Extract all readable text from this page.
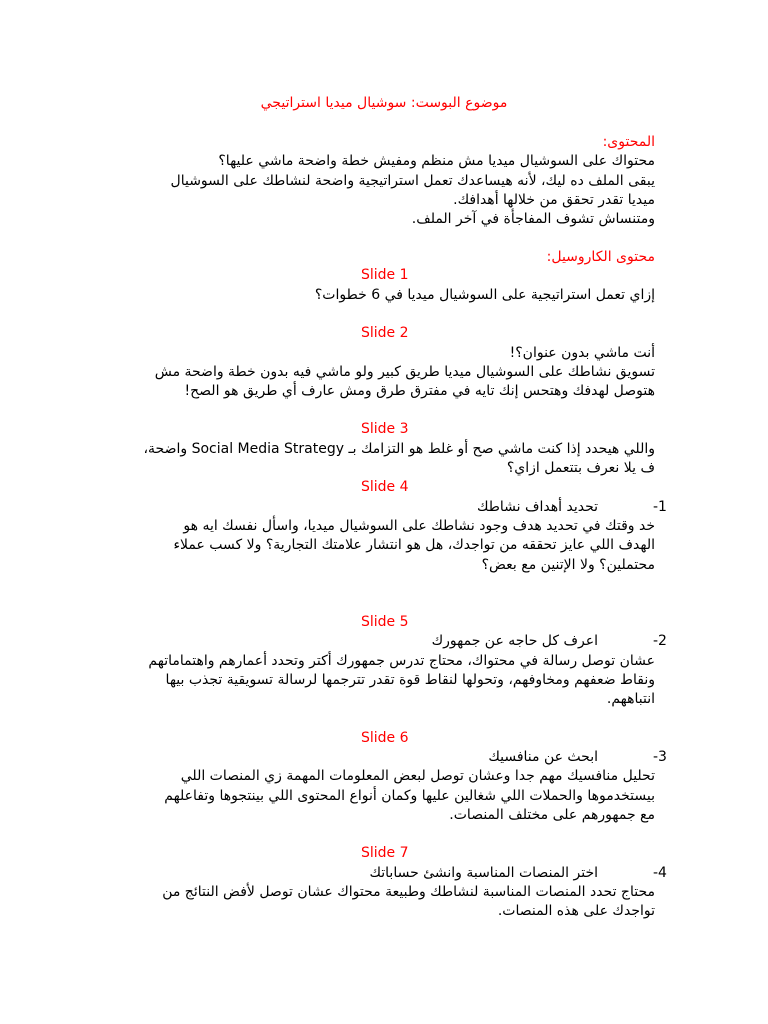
موضوع البوست: سوشيال ميديا استراتيجي
المحتوى:
محتواك على السوشيال ميديا مش منظم ومفيش خطة واضحة ماشي عليها؟
يبقى الملف ده ليك، لأنه هيساعدك تعمل استراتيجية واضحة لنشاطك على السوشيال
ميديا تقدر تحقق من خلالها أهدافك.
ومتنساش تشوف المفاجأة في آخر الملف.
محتوى الكاروسيل:
Slide 1
إزاي تعمل استراتيجية على السوشيال ميديا في 6 خطوات؟
Slide 2
أنت ماشي بدون عنوان؟!
تسويق نشاطك على السوشيال ميديا طريق كبير ولو ماشي فيه بدون خطة واضحة مش
هتوصل لهدفك وهتحس إنك تايه في مفترق طرق ومش عارف أي طريق هو الصح!
Slide 3
واللي هيحدد إذا كنت ماشي صح أو غلط هو التزامك بـ Social Media Strategy واضحة،
ف يلا نعرف بتتعمل ازاي؟
Slide 4
-1
تحديد أهداف نشاطك
خد وقتك في تحديد هدف وجود نشاطك على السوشيال ميديا، واسأل نفسك ايه هو
الهدف اللي عايز تحققه من تواجدك، هل هو انتشار علامتك التجارية؟ ولا كسب عملاء
محتملين؟ ولا الإتنين مع بعض؟
Slide 5
-2
اعرف كل حاجه عن جمهورك
عشان توصل رسالة في محتواك، محتاج تدرس جمهورك أكتر وتحدد أعمارهم واهتماماتهم
ونقاط ضعفهم ومخاوفهم، وتحولها لنقاط قوة تقدر تترجمها لرسالة تسويقية تجذب بيها
انتباههم.
Slide 6
-3
ابحث عن منافسيك
تحليل منافسيك مهم جدا وعشان توصل لبعض المعلومات المهمة زي المنصات اللي
بيستخدموها والحملات اللي شغالين عليها وكمان أنواع المحتوى اللي بينتجوها وتفاعلهم
مع جمهورهم على مختلف المنصات.
Slide 7
-4
اختر المنصات المناسبة وانشئ حساباتك
محتاج تحدد المنصات المناسبة لنشاطك وطبيعة محتواك عشان توصل لأفض النتائج من
تواجدك على هذه المنصات.
